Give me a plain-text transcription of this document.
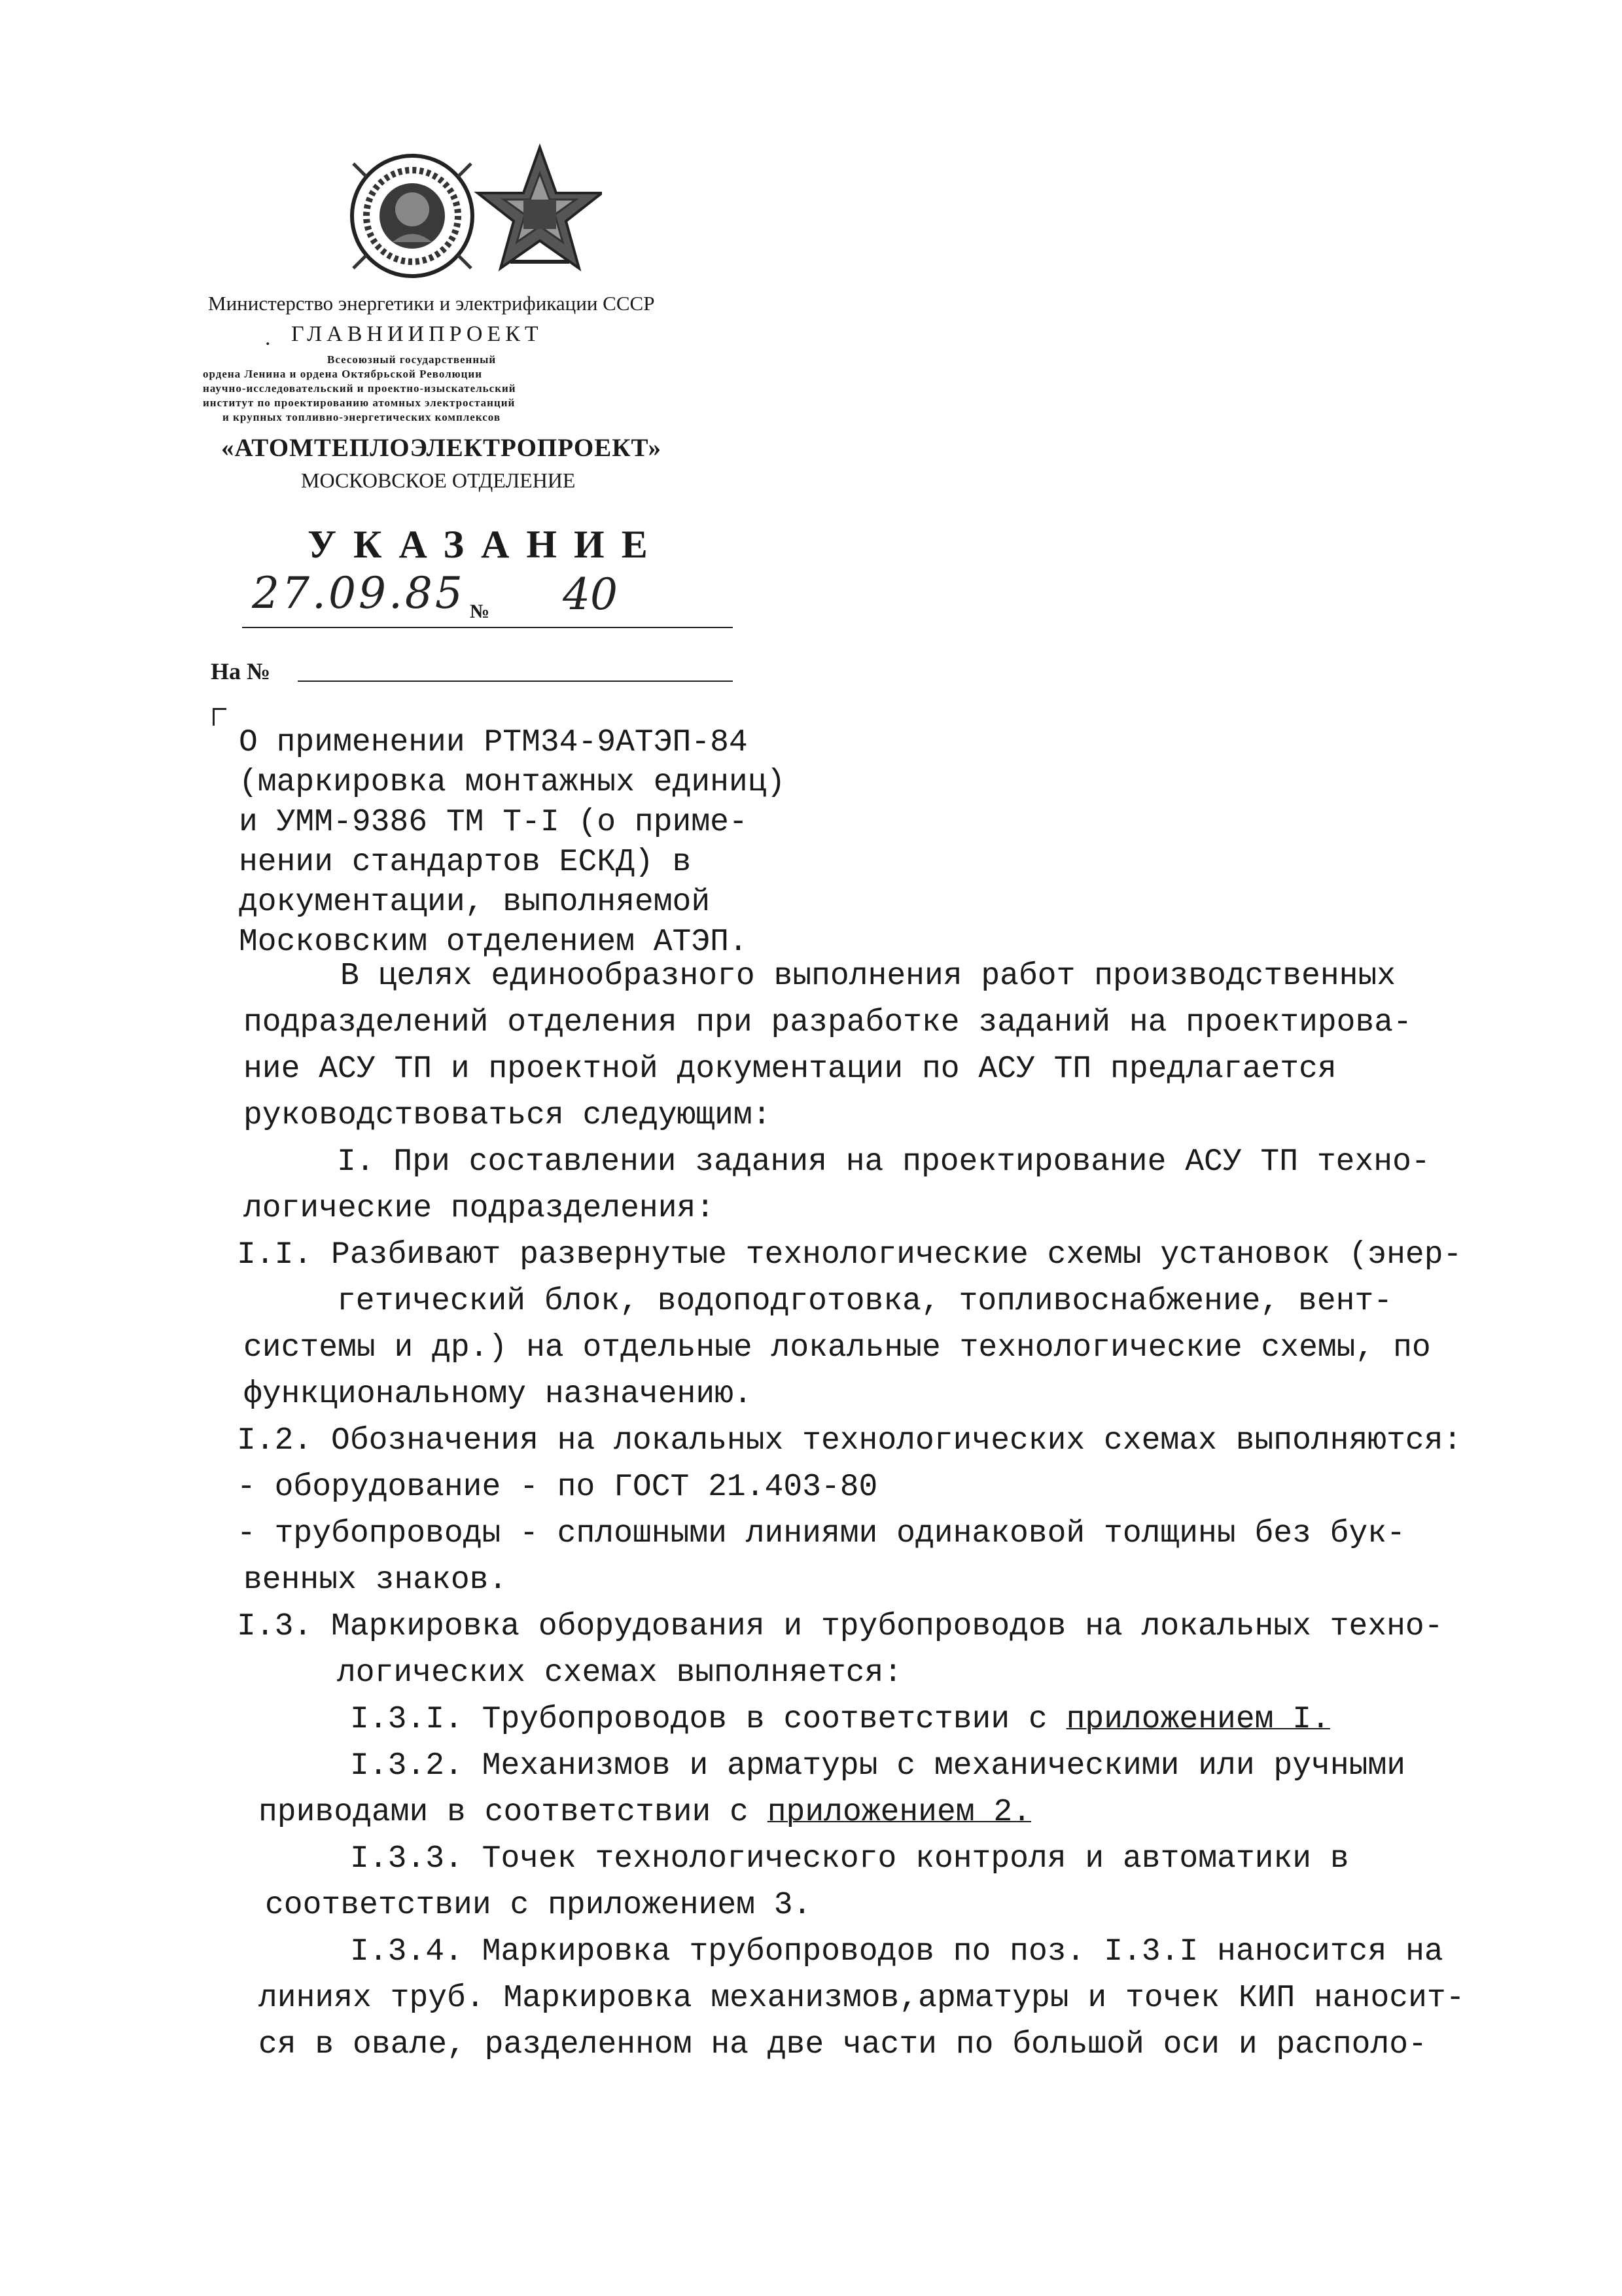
Министерство энергетики и электрификации СССР
. ГЛАВНИИПРОЕКТ
Всесоюзный государственный
ордена Ленина и ордена Октябрьской Революции
научно-исследовательский и проектно-изыскательский
институт по проектированию атомных электростанций
и крупных топливно-энергетических комплексов
«АТОМТЕПЛОЭЛЕКТРОПРОЕКТ»
МОСКОВСКОЕ ОТДЕЛЕНИЕ
УКАЗАНИЕ
27.09.85 № 40
На №
О применении РТМ34-9АТЭП-84
(маркировка монтажных единиц)
и УММ-9386 ТМ Т-I (о приме-
нении стандартов ЕСКД) в
документации, выполняемой
Московским отделением АТЭП.
В целях единообразного выполнения работ производственных
подразделений отделения при разработке заданий на проектирова-
ние АСУ ТП и проектной документации по АСУ ТП предлагается
руководствоваться следующим:
I. При составлении задания на проектирование АСУ ТП техно-
логические подразделения:
I.I. Разбивают развернутые технологические схемы установок (энер-
гетический блок, водоподготовка, топливоснабжение, вент-
системы и др.) на отдельные локальные технологические схемы, по
функциональному назначению.
I.2. Обозначения на локальных технологических схемах выполняются:
- оборудование - по ГОСТ 21.403-80
- трубопроводы - сплошными линиями одинаковой толщины без бук-
венных знаков.
I.3. Маркировка оборудования и трубопроводов на локальных техно-
логических схемах выполняется:
I.3.I. Трубопроводов в соответствии с приложением I.
I.3.2. Механизмов и арматуры с механическими или ручными
приводами в соответствии с приложением 2.
I.3.3. Точек технологического контроля и автоматики в
соответствии с приложением 3.
I.3.4. Маркировка трубопроводов по поз. I.3.I наносится на
линиях труб. Маркировка механизмов,арматуры и точек КИП наносит-
ся в овале, разделенном на две части по большой оси и располо-
